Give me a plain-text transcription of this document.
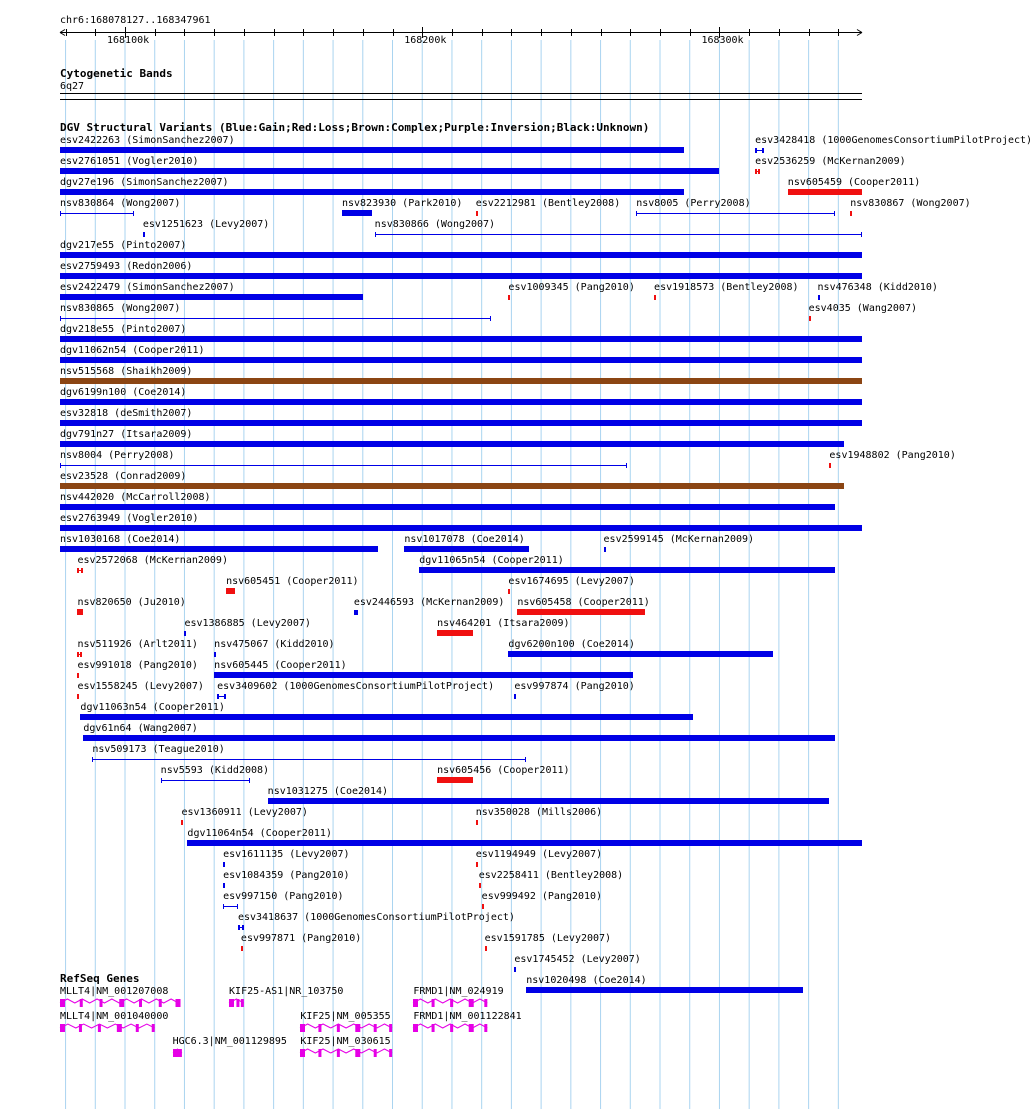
chr6:168078127..168347961
168100k	168200k	168300k
Cytogenetic Bands
6q27
DGV Structural Variants (Blue:Gain;Red:Loss;Brown:Complex;Purple:Inversion;Black:Unknown)
esv2422263 (SimonSanchez2007)	esv3428418 (1000GenomesConsortiumPilotProject)
esv2761051 (Vogler2010)	esv2536259 (McKernan2009)
dgv27e196 (SimonSanchez2007)	nsv605459 (Cooper2011)
nsv830864 (Wong2007)
esv1251623 (Levy2007)
nsv823930 (Park2010) esv2212981 (Bentley2008) nsv8005 (Perry2008)	nsv830867 (Wong2007)
dgv217e55 (Pinto2007)
esv2759493 (Redon2006)
esv2422479 (SimonSanchez2007)
nsv830866 (Wong2007)
nsv830865 (Wong2007)
esv1009345 (Pang2010) esv1918573 (Bentley2008)
esv4035 (Wang2007)
dgv218e55 (Pinto2007)
dgv11062n54 (Cooper2011)
nsv515568 (Shaikh2009)
dgv6199n100 (Coe2014)
esv32818 (deSmith2007)
dgv791n27 (Itsara2009)
nsv8004 (Perry2008)
nsv476348 (Kidd2010)
esv23528 (Conrad2009)
nsv442020 (McCarroll2008)
esv1948802 (Pang2010)
esv2763949 (Vogler2010)
nsv1030168 (Coe2014)	nsv1017078 (Coe2014)	esv2599145 (McKernan2009)
esv2572068 (McKernan2009)
nsv605451 (Cooper2011)
dgv11065n54 (Cooper2011)
nsv820650 (Ju2010)
esv1386885 (Levy2007)
esv2446593 (McKernan2009)
esv1674695 (Levy2007)
nsv511926 (Arlt2011) nsv475067 (Kidd2010)
nsv464201 (Itsara2009)
esv991018 (Pang2010) nsv605445 (Cooper2011)
esv1558245 (Levy2007) esv3409602 (1000GenomesConsortiumPilotProject)
dgv6200n100 (Coe2014)
dgv11063n54 (Cooper2011)
dgv61n64 (Wang2007)
nsv509173 (Teague2010)
nsv5593 (Kidd2008)
nsv1031275 (Coe2014)
esv1360911 (Levy2007)
nsv605456 (Cooper2011)
dgv11064n54 (Cooper2011)
esv1611135 (Levy2007)
nsv350028 (Mills2006)
esv1084359 (Pang2010)
esv1194949 (Levy2007)
esv997150 (Pang2010)
esv2258411 (Bentley2008)
esv3418637 (1000GenomesConsortiumPilotProject)
nsv605458 (Cooper2011)
esv997871 (Pang2010)
esv999492 (Pang2010)
esv1591785 (Levy2007)
esv997874 (Pang2010)
esv1745452 (Levy2007)
nsv1020498 (Coe2014)
RefSeq Genes
MLLT4|NM_001207008	KIF25-AS1|NR_103750	FRMD1|NM_024919
MLLT4|NM_001040000
HGC6.3|NM_001129895
KIF25|NM_005355 FRMD1|NM_001122841
KIF25|NM_030615
